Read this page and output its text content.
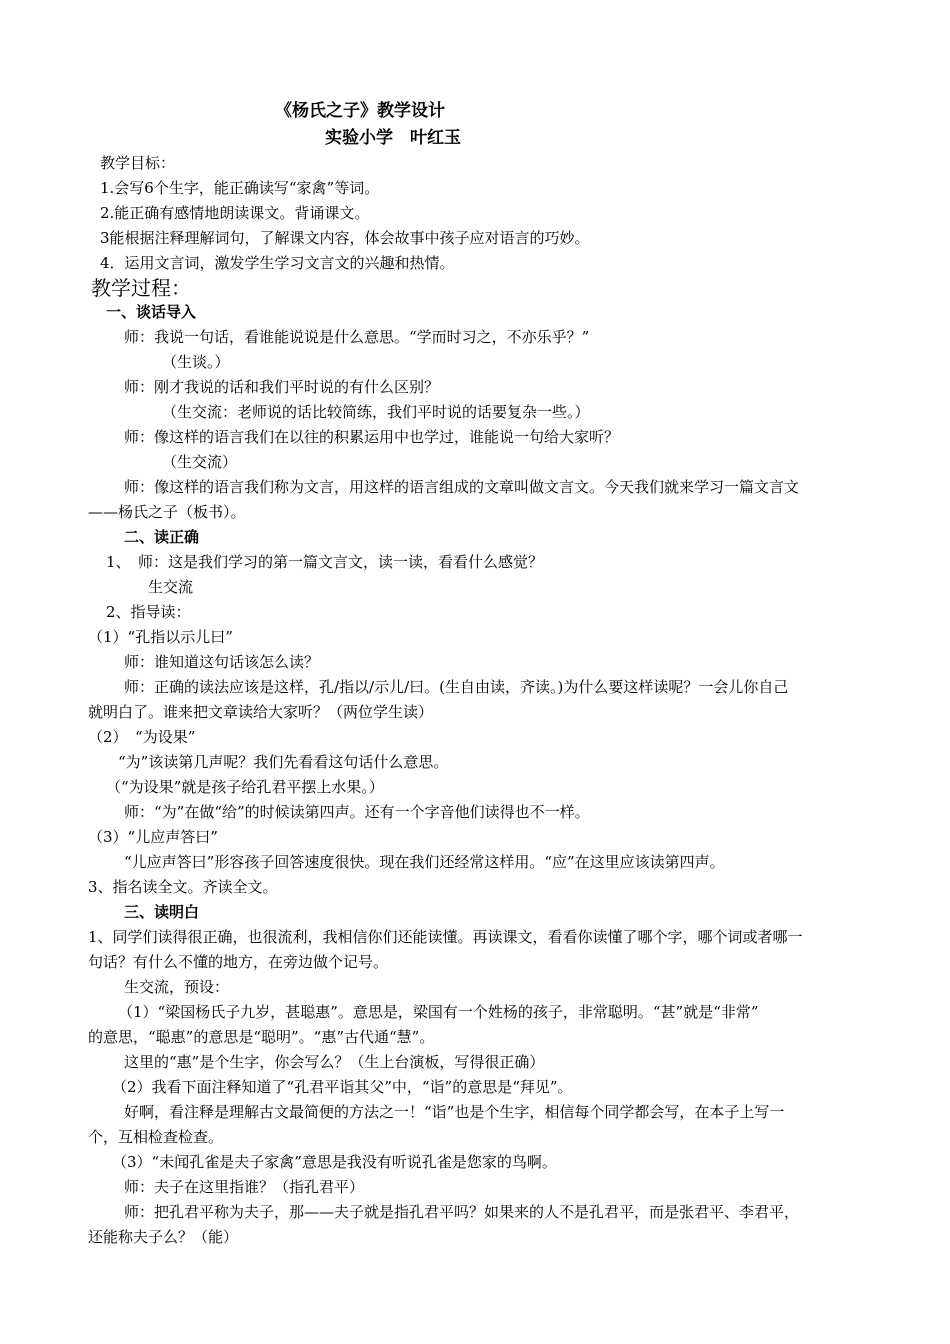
《杨氏之子》教学设计
实验小学　叶红玉
教学目标：
1.会写6个生字，能正确读写“家禽”等词。
2.能正确有感情地朗读课文。背诵课文。
3能根据注释理解词句，了解课文内容，体会故事中孩子应对语言的巧妙。
4．运用文言词，激发学生学习文言文的兴趣和热情。
教学过程：
一、谈话导入
师：我说一句话，看谁能说说是什么意思。“学而时习之，不亦乐乎？”
（生谈。）
师：刚才我说的话和我们平时说的有什么区别？
（生交流：老师说的话比较简练，我们平时说的话要复杂一些。）
师：像这样的语言我们在以往的积累运用中也学过，谁能说一句给大家听？
（生交流）
师：像这样的语言我们称为文言，用这样的语言组成的文章叫做文言文。今天我们就来学习一篇文言文
——杨氏之子（板书）。
二、读正确
1、　师：这是我们学习的第一篇文言文，读一读，看看什么感觉？
生交流
2、指导读：
（1）“孔指以示儿曰”
师：谁知道这句话该怎么读？
师：正确的读法应该是这样，孔/指以/示儿/曰。(生自由读，齐读。)为什么要这样读呢？一会儿你自己
就明白了。谁来把文章读给大家听？（两位学生读）
（2）　“为设果”
“为”该读第几声呢？我们先看看这句话什么意思。
（“为设果”就是孩子给孔君平摆上水果。）
师：“为”在做“给”的时候读第四声。还有一个字音他们读得也不一样。
（3）“儿应声答曰”
“儿应声答曰”形容孩子回答速度很快。现在我们还经常这样用。“应”在这里应该读第四声。
3、指名读全文。齐读全文。
三、读明白
1、同学们读得很正确，也很流利，我相信你们还能读懂。再读课文，看看你读懂了哪个字，哪个词或者哪一
句话？有什么不懂的地方，在旁边做个记号。
生交流，预设：
（1）“梁国杨氏子九岁，甚聪惠”。意思是，梁国有一个姓杨的孩子，非常聪明。“甚”就是“非常”
的意思，“聪惠”的意思是“聪明”。“惠”古代通“慧”。
这里的“惠”是个生字，你会写么？（生上台演板，写得很正确）
（2）我看下面注释知道了“孔君平诣其父”中，“诣”的意思是“拜见”。
好啊，看注释是理解古文最简便的方法之一！“诣”也是个生字，相信每个同学都会写，在本子上写一
个，互相检查检查。
（3）“未闻孔雀是夫子家禽”意思是我没有听说孔雀是您家的鸟啊。
师：夫子在这里指谁？（指孔君平）
师：把孔君平称为夫子，那——夫子就是指孔君平吗？如果来的人不是孔君平，而是张君平、李君平，
还能称夫子么？（能）
